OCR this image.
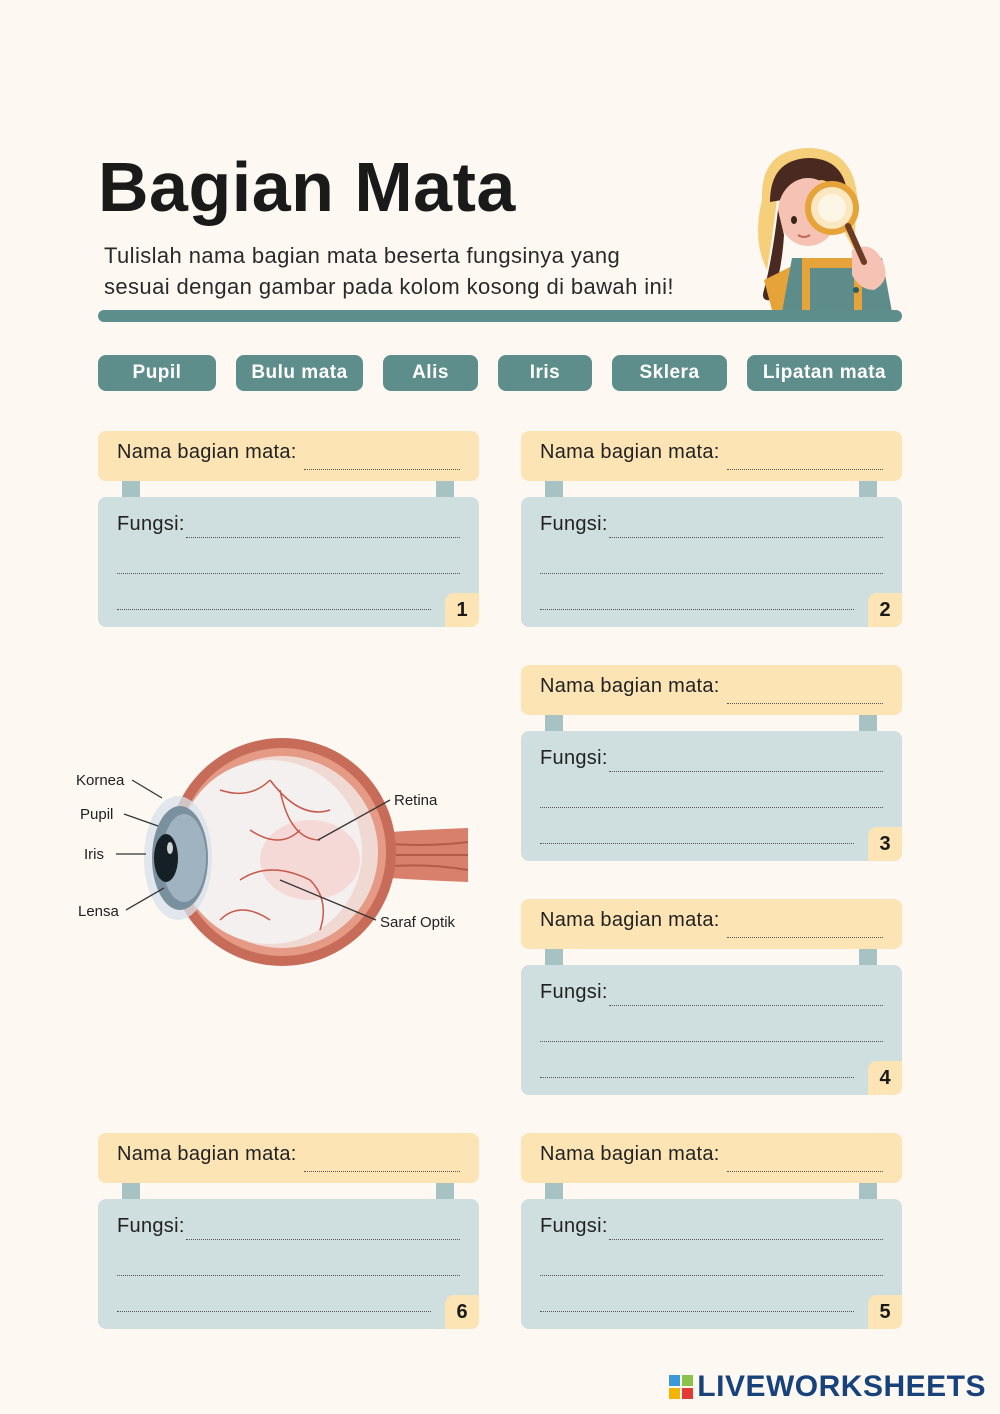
Bagian Mata
Tulislah nama bagian mata beserta fungsinya yang
sesuai dengan gambar pada kolom kosong di bawah ini!
Pupil	Bulu mata	Alis	Iris	Sklera	Lipatan mata
Nama bagian mata:
Fungsi:
1
Nama bagian mata:
Fungsi:
2
Nama bagian mata:
Fungsi:
3
Nama bagian mata:
Fungsi:
4
Nama bagian mata:
Fungsi:
6
Nama bagian mata:
Fungsi:
5
Kornea
Pupil
Iris
Lensa
Retina
Saraf Optik
LIVEWORKSHEETS
